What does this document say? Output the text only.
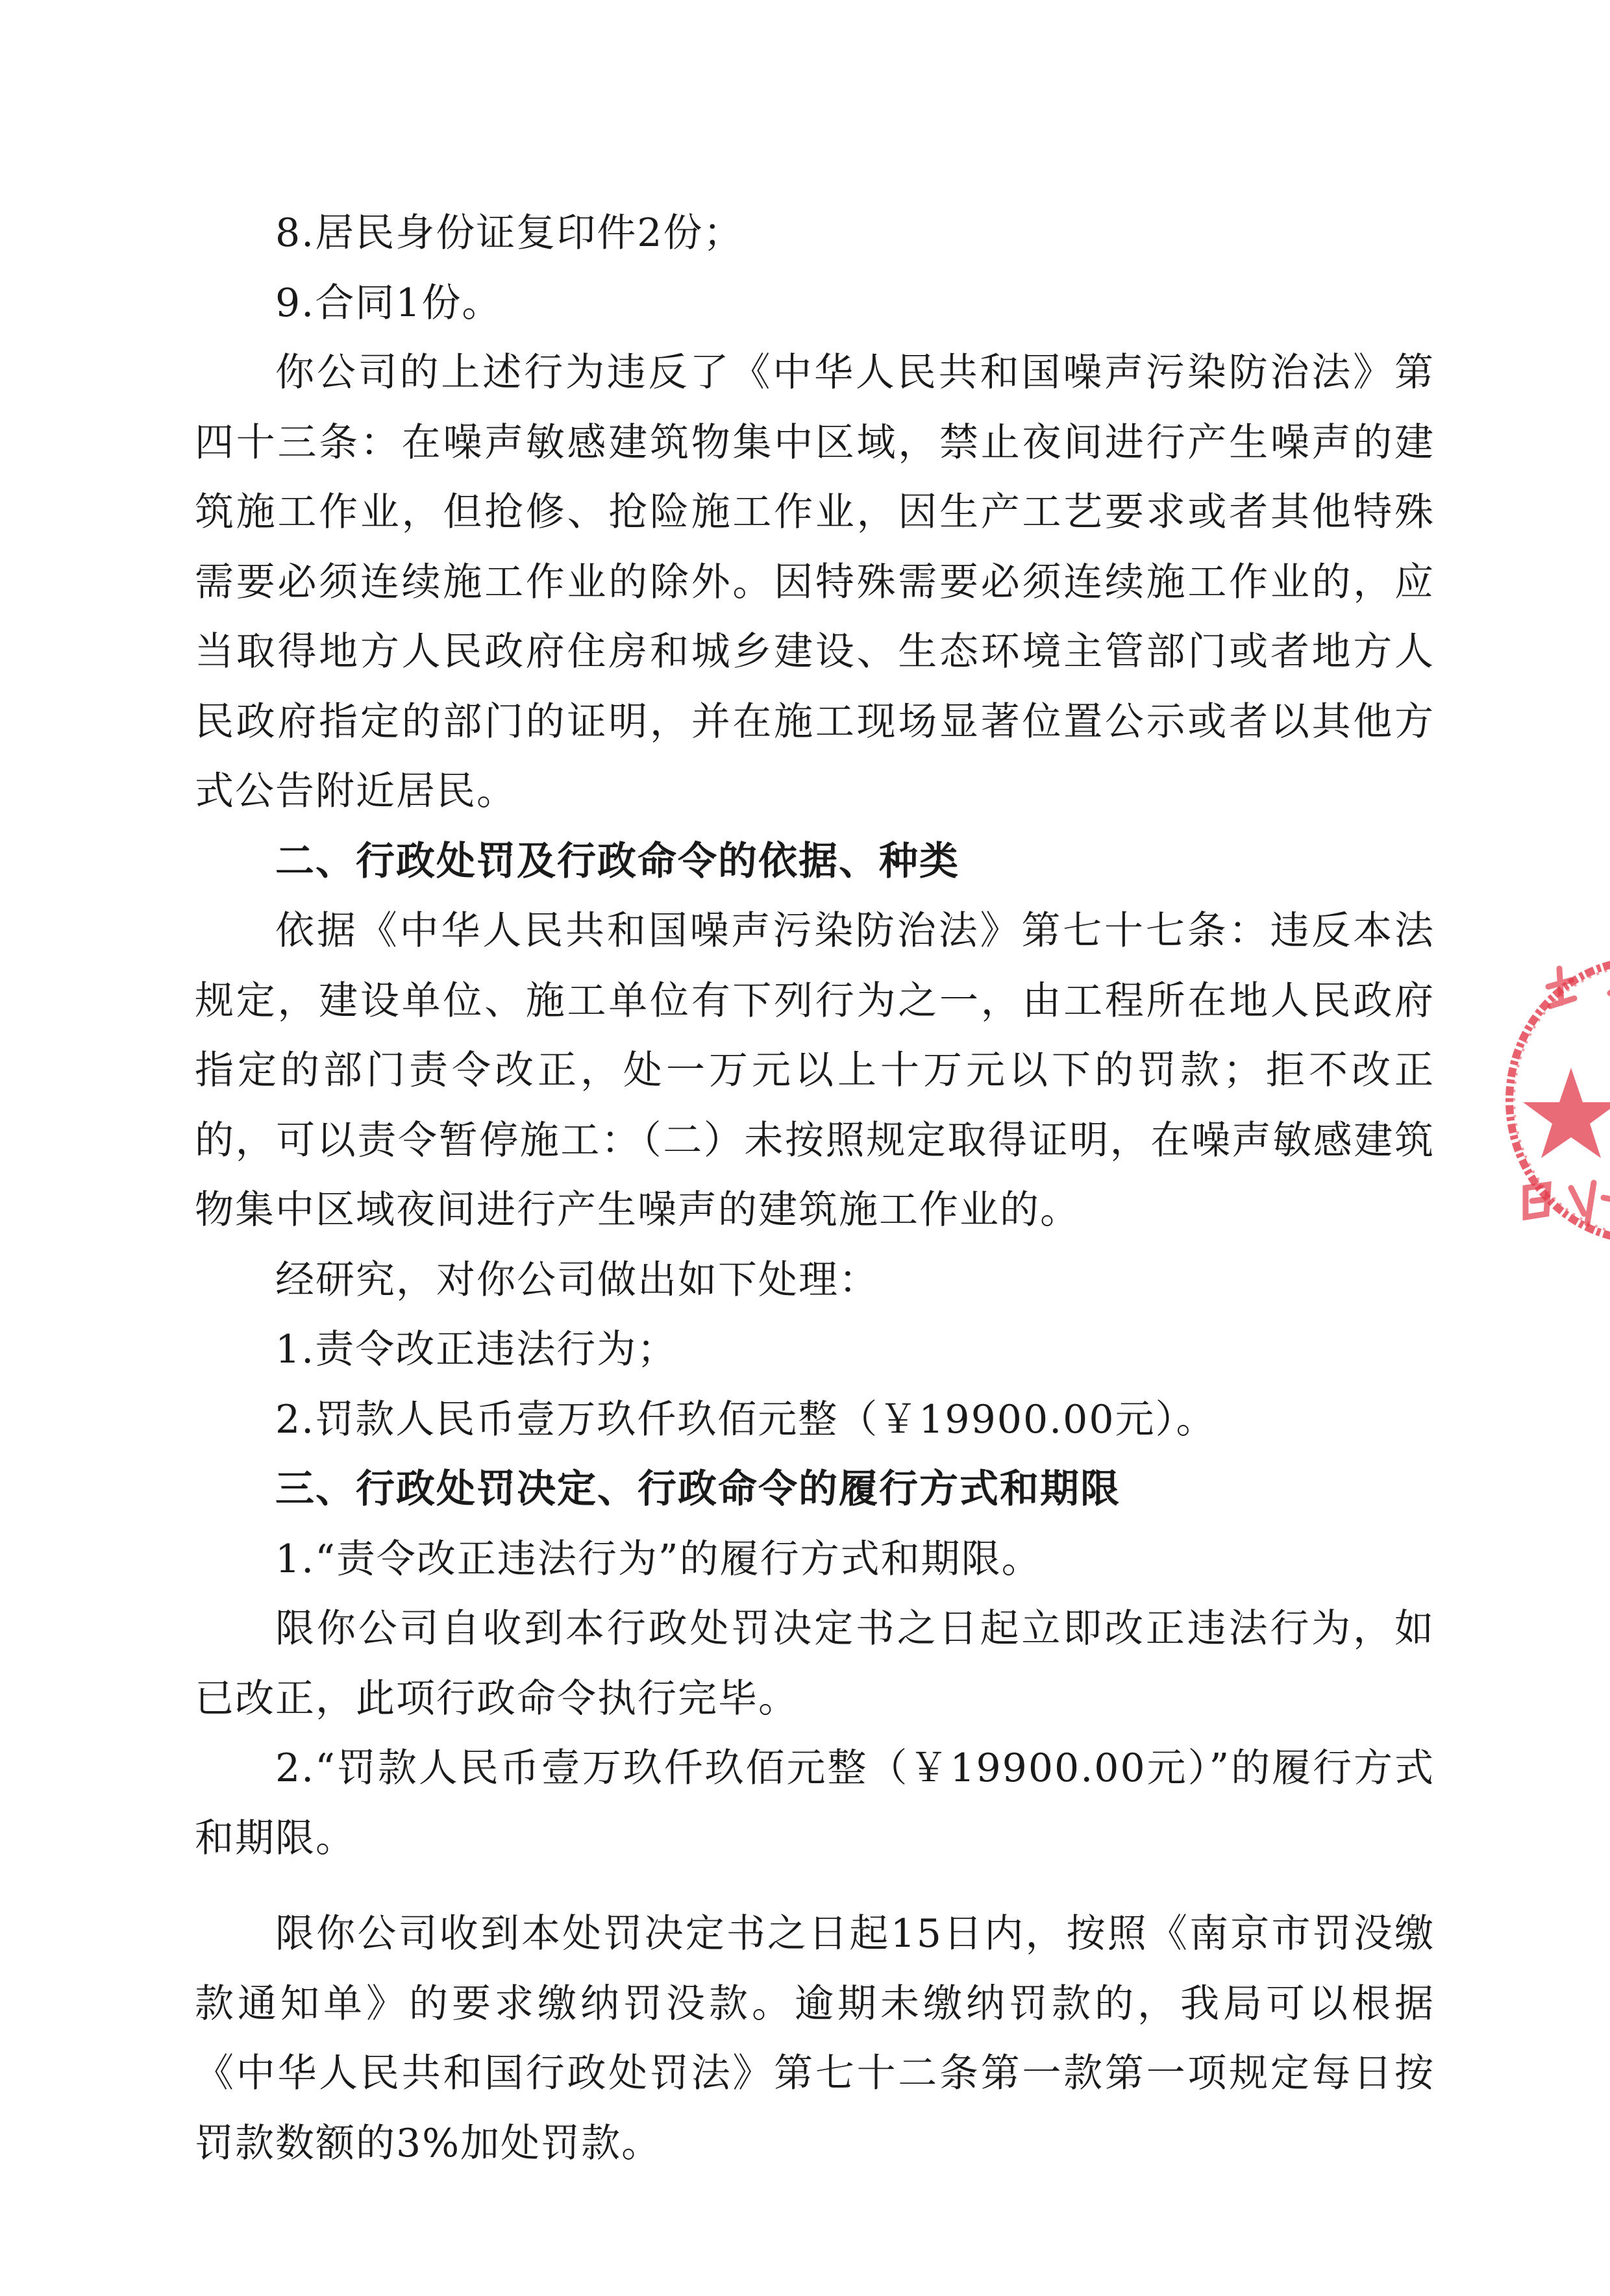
8.居民身份证复印件2份；

9.合同1份。

你公司的上述行为违反了《中华人民共和国噪声污染防治法》第四十三条：在噪声敏感建筑物集中区域，禁止夜间进行产生噪声的建筑施工作业，但抢修、抢险施工作业，因生产工艺要求或者其他特殊需要必须连续施工作业的除外。因特殊需要必须连续施工作业的，应当取得地方人民政府住房和城乡建设、生态环境主管部门或者地方人民政府指定的部门的证明，并在施工现场显著位置公示或者以其他方式公告附近居民。

二、行政处罚及行政命令的依据、种类

依据《中华人民共和国噪声污染防治法》第七十七条：违反本法规定，建设单位、施工单位有下列行为之一，由工程所在地人民政府指定的部门责令改正，处一万元以上十万元以下的罚款；拒不改正的，可以责令暂停施工：（二）未按照规定取得证明，在噪声敏感建筑物集中区域夜间进行产生噪声的建筑施工作业的。

经研究，对你公司做出如下处理：

1.责令改正违法行为；

2.罚款人民币壹万玖仟玖佰元整（￥19900.00元）。

三、行政处罚决定、行政命令的履行方式和期限

1.“责令改正违法行为”的履行方式和期限。

限你公司自收到本行政处罚决定书之日起立即改正违法行为，如已改正，此项行政命令执行完毕。

2.“罚款人民币壹万玖仟玖佰元整（￥19900.00元）”的履行方式和期限。

限你公司收到本处罚决定书之日起15日内，按照《南京市罚没缴款通知单》的要求缴纳罚没款。逾期未缴纳罚款的，我局可以根据《中华人民共和国行政处罚法》第七十二条第一款第一项规定每日按罚款数额的3%加处罚款。
